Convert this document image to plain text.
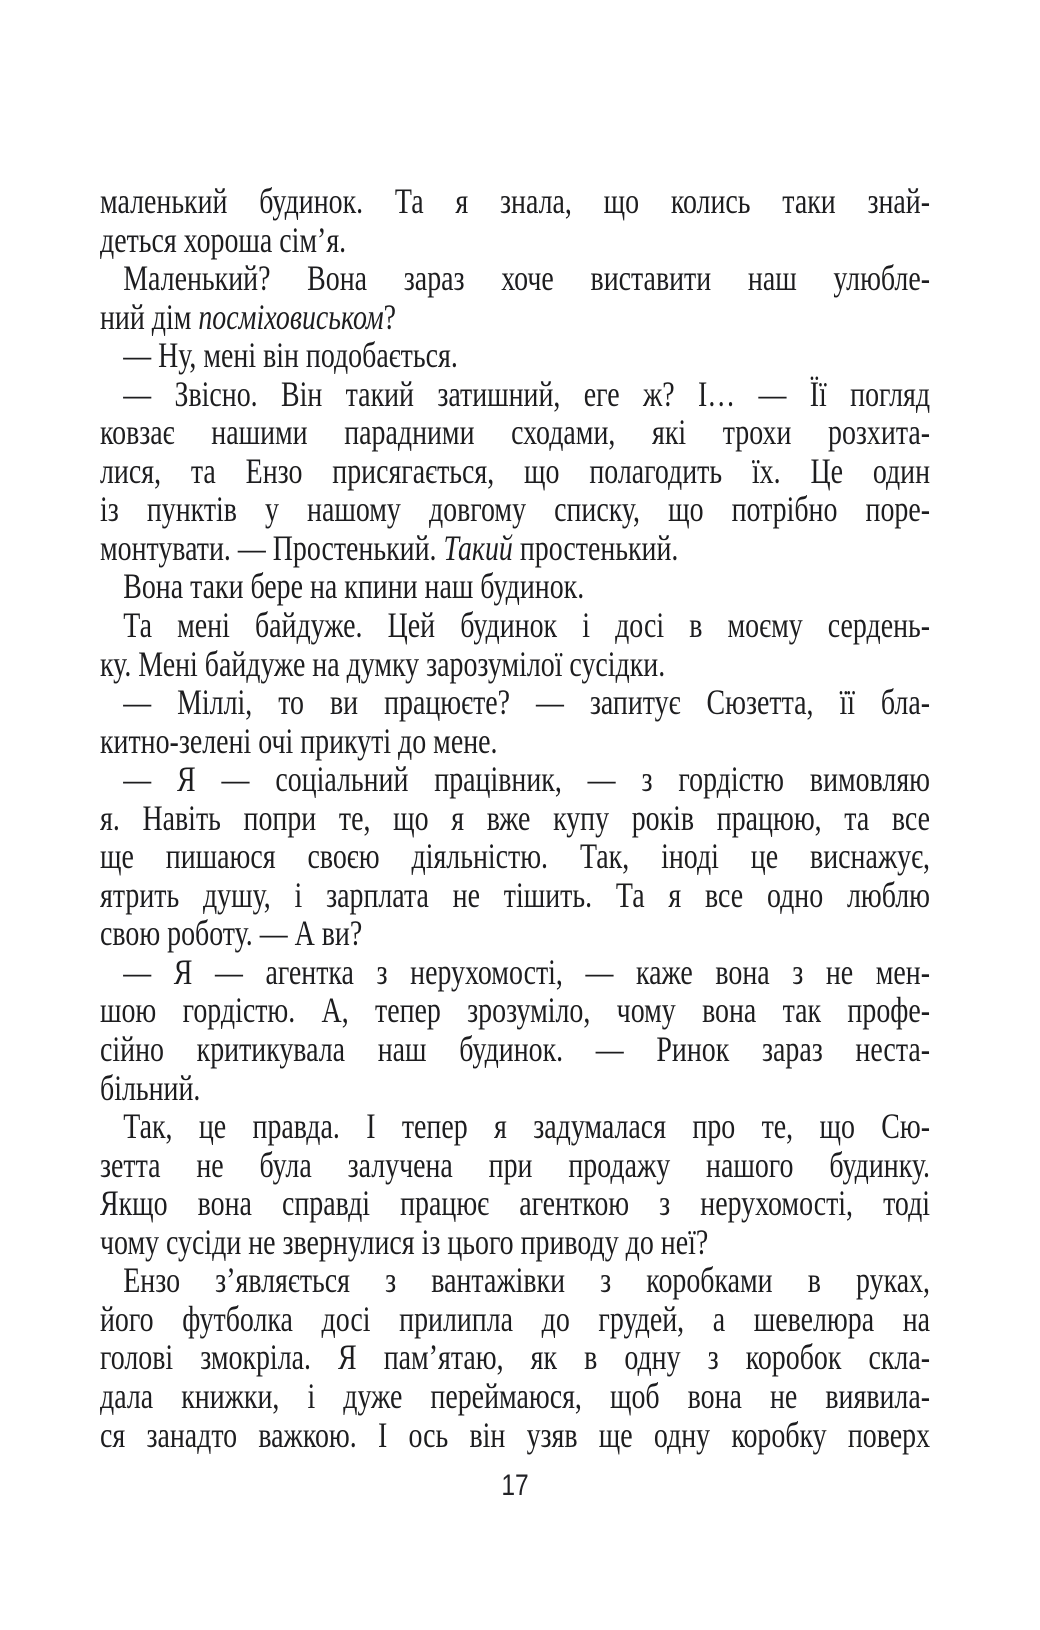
маленький будинок. Та я знала, що колись таки знай-
деться хороша сім’я.
Маленький? Вона зараз хоче виставити наш улюбле-
ний дім посміховиськом?
— Ну, мені він подобається.
— Звісно. Він такий затишний, еге ж? І… — Її погляд
ковзає нашими парадними сходами, які трохи розхита-
лися, та Ензо присягається, що полагодить їх. Це один
із пунктів у нашому довгому списку, що потрібно поре-
монтувати. — Простенький. Такий простенький.
Вона таки бере на кпини наш будинок.
Та мені байдуже. Цей будинок і досі в моєму сердень-
ку. Мені байдуже на думку зарозумілої сусідки.
— Міллі, то ви працюєте? — запитує Сюзетта, її бла-
китно-зелені очі прикуті до мене.
— Я — соціальний працівник, — з гордістю вимовляю
я. Навіть попри те, що я вже купу років працюю, та все
ще пишаюся своєю діяльністю. Так, іноді це виснажує,
ятрить душу, і зарплата не тішить. Та я все одно люблю
свою роботу. — А ви?
— Я — агентка з нерухомості, — каже вона з не мен-
шою гордістю. А, тепер зрозуміло, чому вона так профе-
сійно критикувала наш будинок. — Ринок зараз неста-
більний.
Так, це правда. І тепер я задумалася про те, що Сю-
зетта не була залучена при продажу нашого будинку.
Якщо вона справді працює агенткою з нерухомості, тоді
чому сусіди не звернулися із цього приводу до неї?
Ензо з’являється з вантажівки з коробками в руках,
його футболка досі прилипла до грудей, а шевелюра на
голові змокріла. Я пам’ятаю, як в одну з коробок скла-
дала книжки, і дуже переймаюся, щоб вона не виявила-
ся занадто важкою. І ось він узяв ще одну коробку поверх
17
